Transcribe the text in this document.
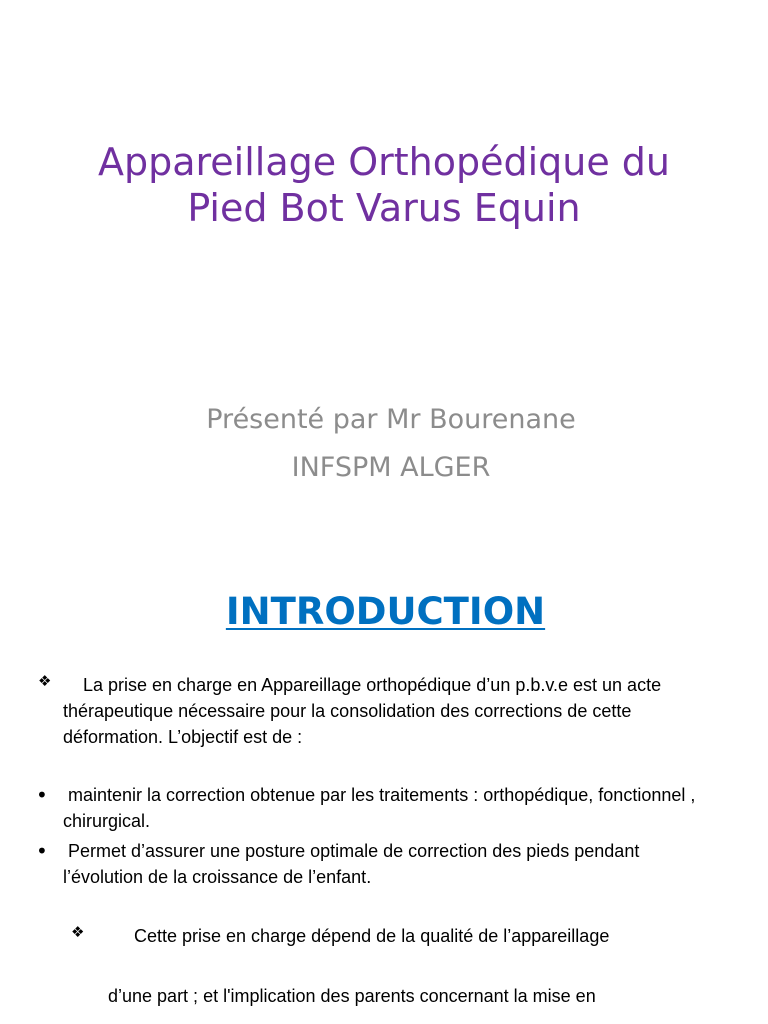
Appareillage Orthopédique du
Pied Bot Varus Equin
Présenté par Mr Bourenane
INFSPM ALGER
INTRODUCTION
❖	La prise en charge en Appareillage orthopédique d’un p.b.v.e est un acte thérapeutique nécessaire pour la consolidation des corrections de cette déformation. L’objectif est de :
• maintenir la correction obtenue par les traitements : orthopédique, fonctionnel , chirurgical.
• Permet d’assurer une posture optimale de correction des pieds pendant l’évolution de la croissance de l’enfant.
❖	Cette prise en charge dépend de la qualité de l’appareillage
d’une part ; et l'implication des parents concernant la mise en
